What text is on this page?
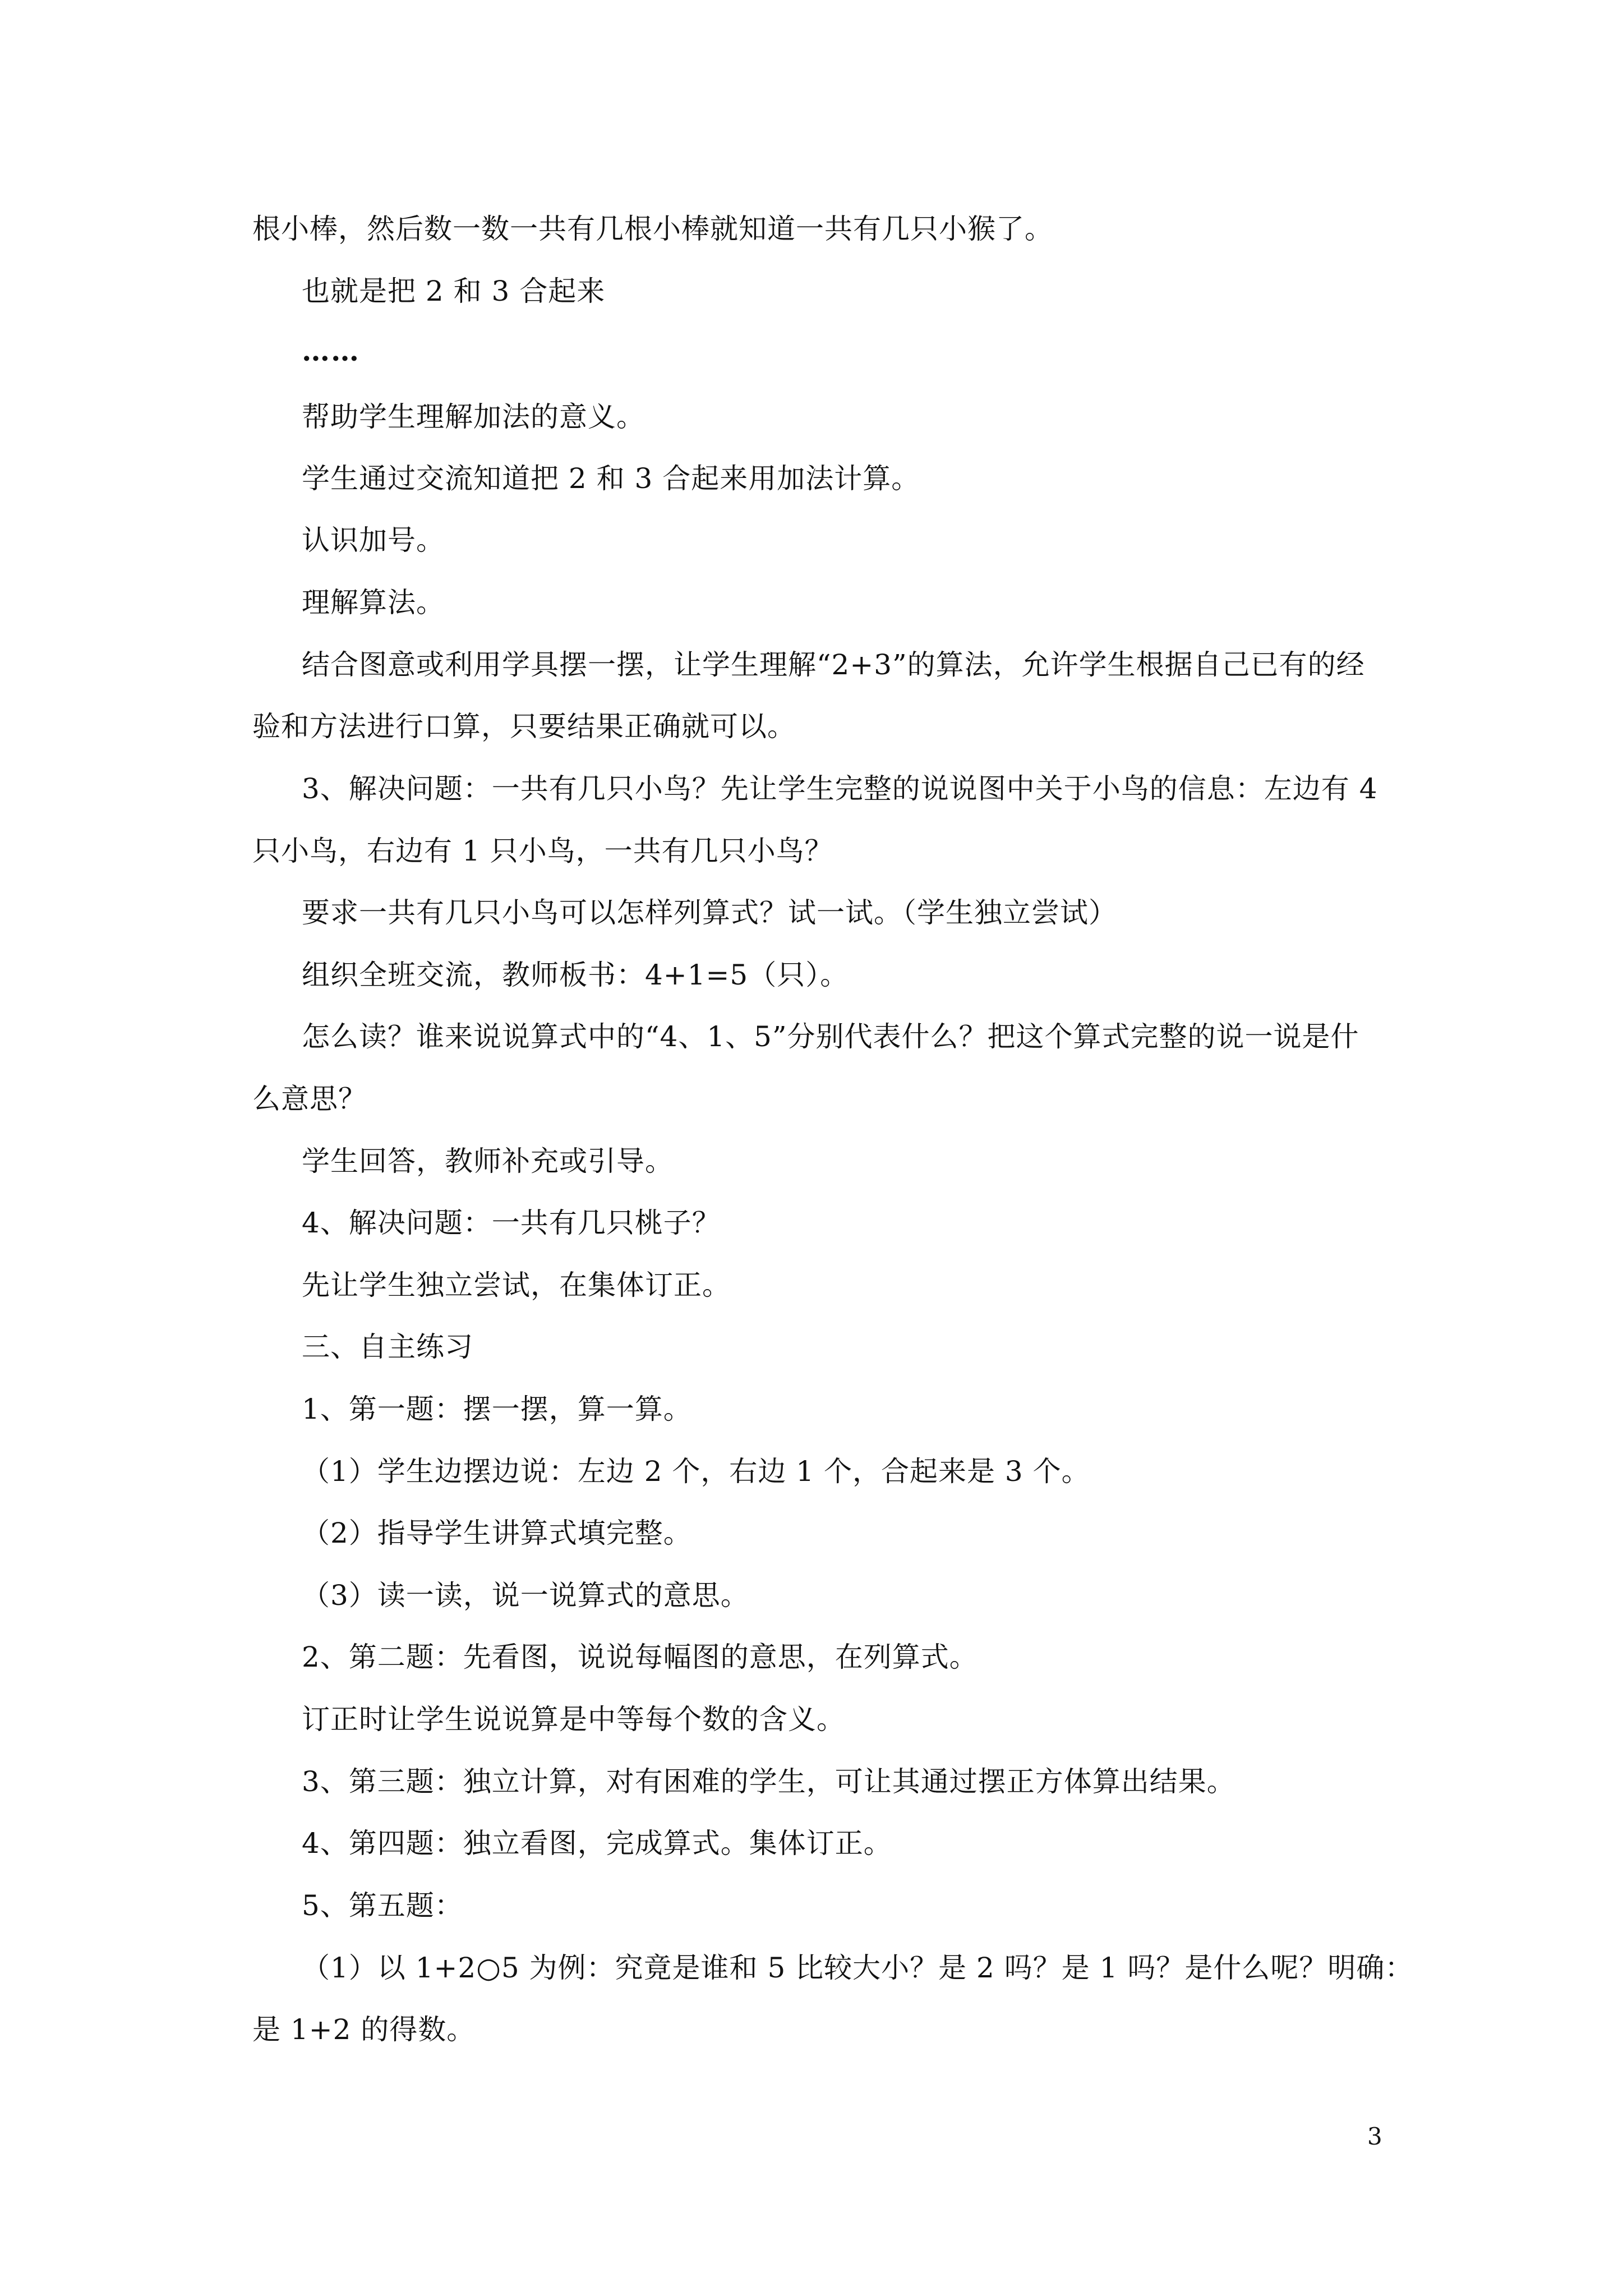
根小棒，然后数一数一共有几根小棒就知道一共有几只小猴了。
也就是把 2 和 3 合起来
……
帮助学生理解加法的意义。
学生通过交流知道把 2 和 3 合起来用加法计算。
认识加号。
理解算法。
结合图意或利用学具摆一摆，让学生理解“2+3”的算法，允许学生根据自己已有的经
验和方法进行口算，只要结果正确就可以。
3、解决问题：一共有几只小鸟？先让学生完整的说说图中关于小鸟的信息：左边有 4
只小鸟，右边有 1 只小鸟，一共有几只小鸟？
要求一共有几只小鸟可以怎样列算式？试一试。（学生独立尝试）
组织全班交流，教师板书：4+1=5（只）。
怎么读？谁来说说算式中的“4、1、5”分别代表什么？把这个算式完整的说一说是什
么意思？
学生回答，教师补充或引导。
4、解决问题：一共有几只桃子？
先让学生独立尝试，在集体订正。
三、自主练习
1、第一题：摆一摆，算一算。
（1）学生边摆边说：左边 2 个，右边 1 个，合起来是 3 个。
（2）指导学生讲算式填完整。
（3）读一读，说一说算式的意思。
2、第二题：先看图，说说每幅图的意思，在列算式。
订正时让学生说说算是中等每个数的含义。
3、第三题：独立计算，对有困难的学生，可让其通过摆正方体算出结果。
4、第四题：独立看图，完成算式。集体订正。
5、第五题：
（1）以 1+2○5 为例：究竟是谁和 5 比较大小？是 2 吗？是 1 吗？是什么呢？明确：
是 1+2 的得数。
3
